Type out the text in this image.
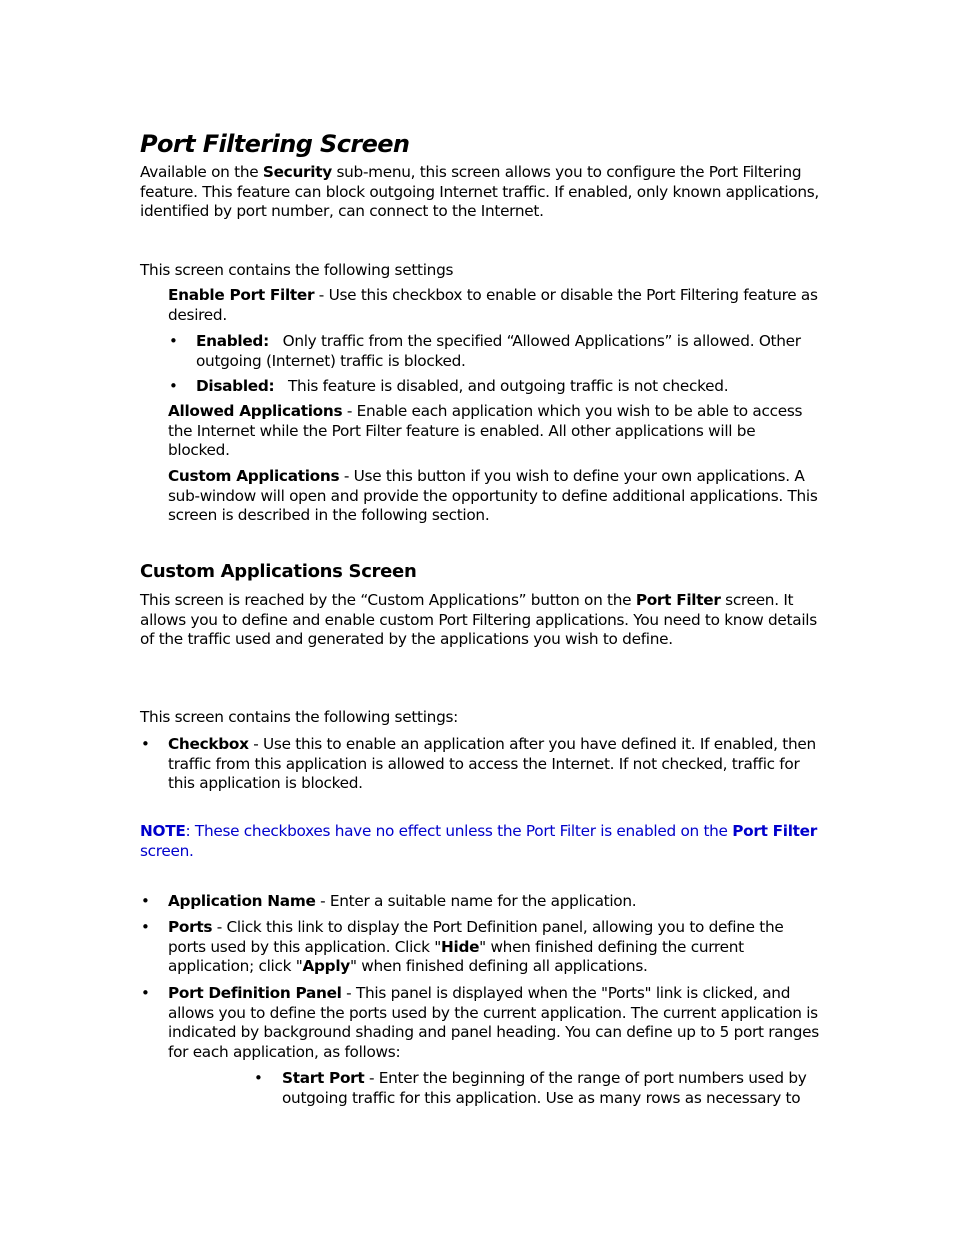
Port Filtering Screen

Available on the Security sub-menu, this screen allows you to configure the Port Filtering feature. This feature can block outgoing Internet traffic. If enabled, only known applications, identified by port number, can connect to the Internet.

This screen contains the following settings

Enable Port Filter - Use this checkbox to enable or disable the Port Filtering feature as desired.

• Enabled:   Only traffic from the specified “Allowed Applications” is allowed. Other outgoing (Internet) traffic is blocked.
• Disabled:   This feature is disabled, and outgoing traffic is not checked.

Allowed Applications - Enable each application which you wish to be able to access the Internet while the Port Filter feature is enabled. All other applications will be blocked.

Custom Applications - Use this button if you wish to define your own applications. A sub-window will open and provide the opportunity to define additional applications. This screen is described in the following section.

Custom Applications Screen

This screen is reached by the “Custom Applications” button on the Port Filter screen. It allows you to define and enable custom Port Filtering applications. You need to know details of the traffic used and generated by the applications you wish to define.

This screen contains the following settings:

• Checkbox - Use this to enable an application after you have defined it. If enabled, then traffic from this application is allowed to access the Internet. If not checked, traffic for this application is blocked.

NOTE: These checkboxes have no effect unless the Port Filter is enabled on the Port Filter screen.

• Application Name - Enter a suitable name for the application.
• Ports - Click this link to display the Port Definition panel, allowing you to define the ports used by this application. Click "Hide" when finished defining the current application; click "Apply" when finished defining all applications.
• Port Definition Panel - This panel is displayed when the "Ports" link is clicked, and allows you to define the ports used by the current application. The current application is indicated by background shading and panel heading. You can define up to 5 port ranges for each application, as follows:
• Start Port - Enter the beginning of the range of port numbers used by outgoing traffic for this application. Use as many rows as necessary to
